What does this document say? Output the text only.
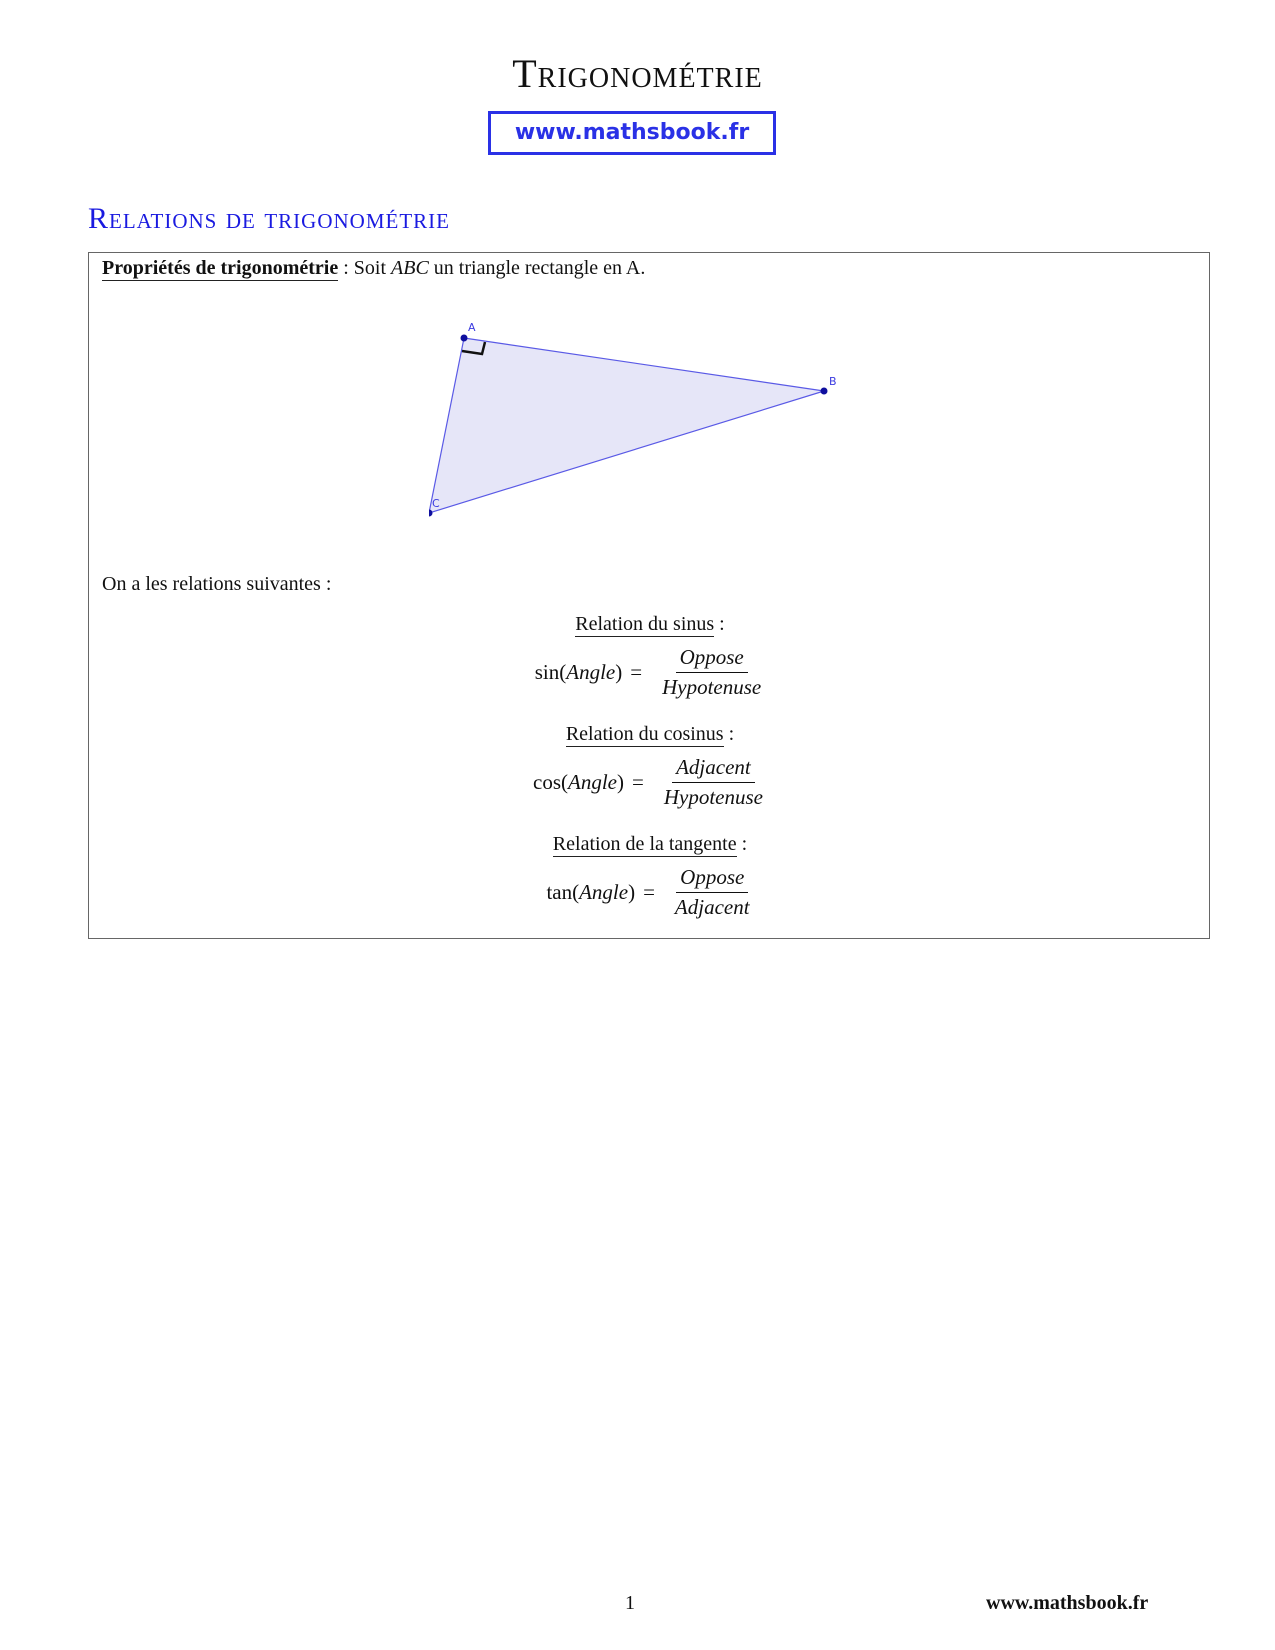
Trigonométrie
www.mathsbook.fr
Relations de trigonométrie
Propriétés de trigonométrie : Soit ABC un triangle rectangle en A.
A
B
C
On a les relations suivantes :
Relation du sinus :
sin ( Angle ) = $\frac{\text{Oppose}}{\text{Hypotenuse}}$
Relation du cosinus :
cos ( Angle ) = $\frac{\text{Adjacent}}{\text{Hypotenuse}}$
Relation de la tangente :
tan ( Angle ) = $\frac{\text{Oppose}}{\text{Adjacent}}$
1	www.mathsbook.fr
